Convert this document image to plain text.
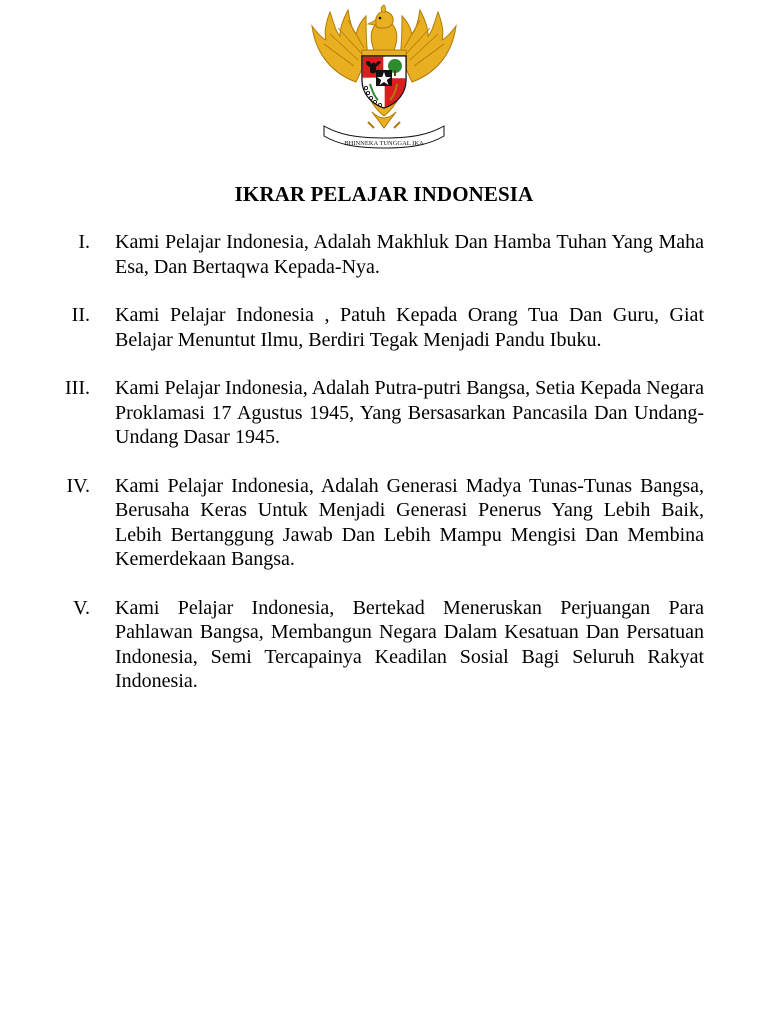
BHINNEKA TUNGGAL IKA
IKRAR PELAJAR INDONESIA
I. Kami Pelajar Indonesia, Adalah Makhluk Dan Hamba Tuhan Yang Maha Esa, Dan Bertaqwa Kepada-Nya.

II. Kami Pelajar Indonesia , Patuh Kepada Orang Tua Dan Guru, Giat Belajar Menuntut Ilmu, Berdiri Tegak Menjadi Pandu Ibuku.

III. Kami Pelajar Indonesia, Adalah Putra-putri Bangsa, Setia Kepada Negara Proklamasi 17 Agustus 1945, Yang Bersasarkan Pancasila Dan Undang-Undang Dasar 1945.

IV. Kami Pelajar Indonesia, Adalah Generasi Madya Tunas-Tunas Bangsa, Berusaha Keras Untuk Menjadi Generasi Penerus Yang Lebih Baik, Lebih Bertanggung Jawab Dan Lebih Mampu Mengisi Dan Membina Kemerdekaan Bangsa.

V. Kami Pelajar Indonesia, Bertekad Meneruskan Perjuangan Para Pahlawan Bangsa, Membangun Negara Dalam Kesatuan Dan Persatuan Indonesia, Semi Tercapainya Keadilan Sosial Bagi Seluruh Rakyat Indonesia.
